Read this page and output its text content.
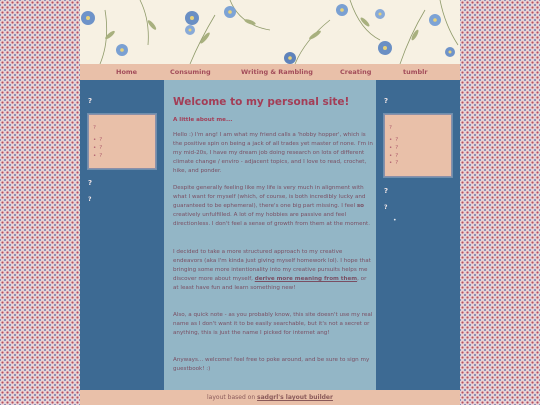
Home	Consuming	Writing & Rambling	Creating	tumblr
?
?
• ?
• ?
• ?
?
?
Welcome to my personal site!
A little about me...

Hello :) I'm ang! I am what my friend calls a 'hobby hopper', which is the positive spin on being a jack of all trades yet master of none. I'm in my mid-20s, I have my dream job doing research on lots of different climate change / enviro - adjacent topics, and I love to read, crochet, hike, and ponder.

Despite generally feeling like my life is very much in alignment with what I want for myself (which, of course, is both incredibly lucky and guaranteed to be ephemeral), there's one big part missing. I feel so creatively unfulfilled. A lot of my hobbies are passive and feel directionless. I don't feel a sense of growth from them at the moment.

I decided to take a more structured approach to my creative endeavors (aka I'm kinda just giving myself homework lol). I hope that bringing some more intentionality into my creative pursuits helps me discover more about myself, derive more meaning from them, or at least have fun and learn something new!

Also, a quick note - as you probably know, this site doesn't use my real name as I don't want it to be easily searchable, but it's not a secret or anything, this is just the name I picked for internet ang!

Anyways... welcome! feel free to poke around, and be sure to sign my guestbook! :)

?
?
• ?
• ?
• ?
• ?
?
?
•
layout based on sadgrl's layout builder
